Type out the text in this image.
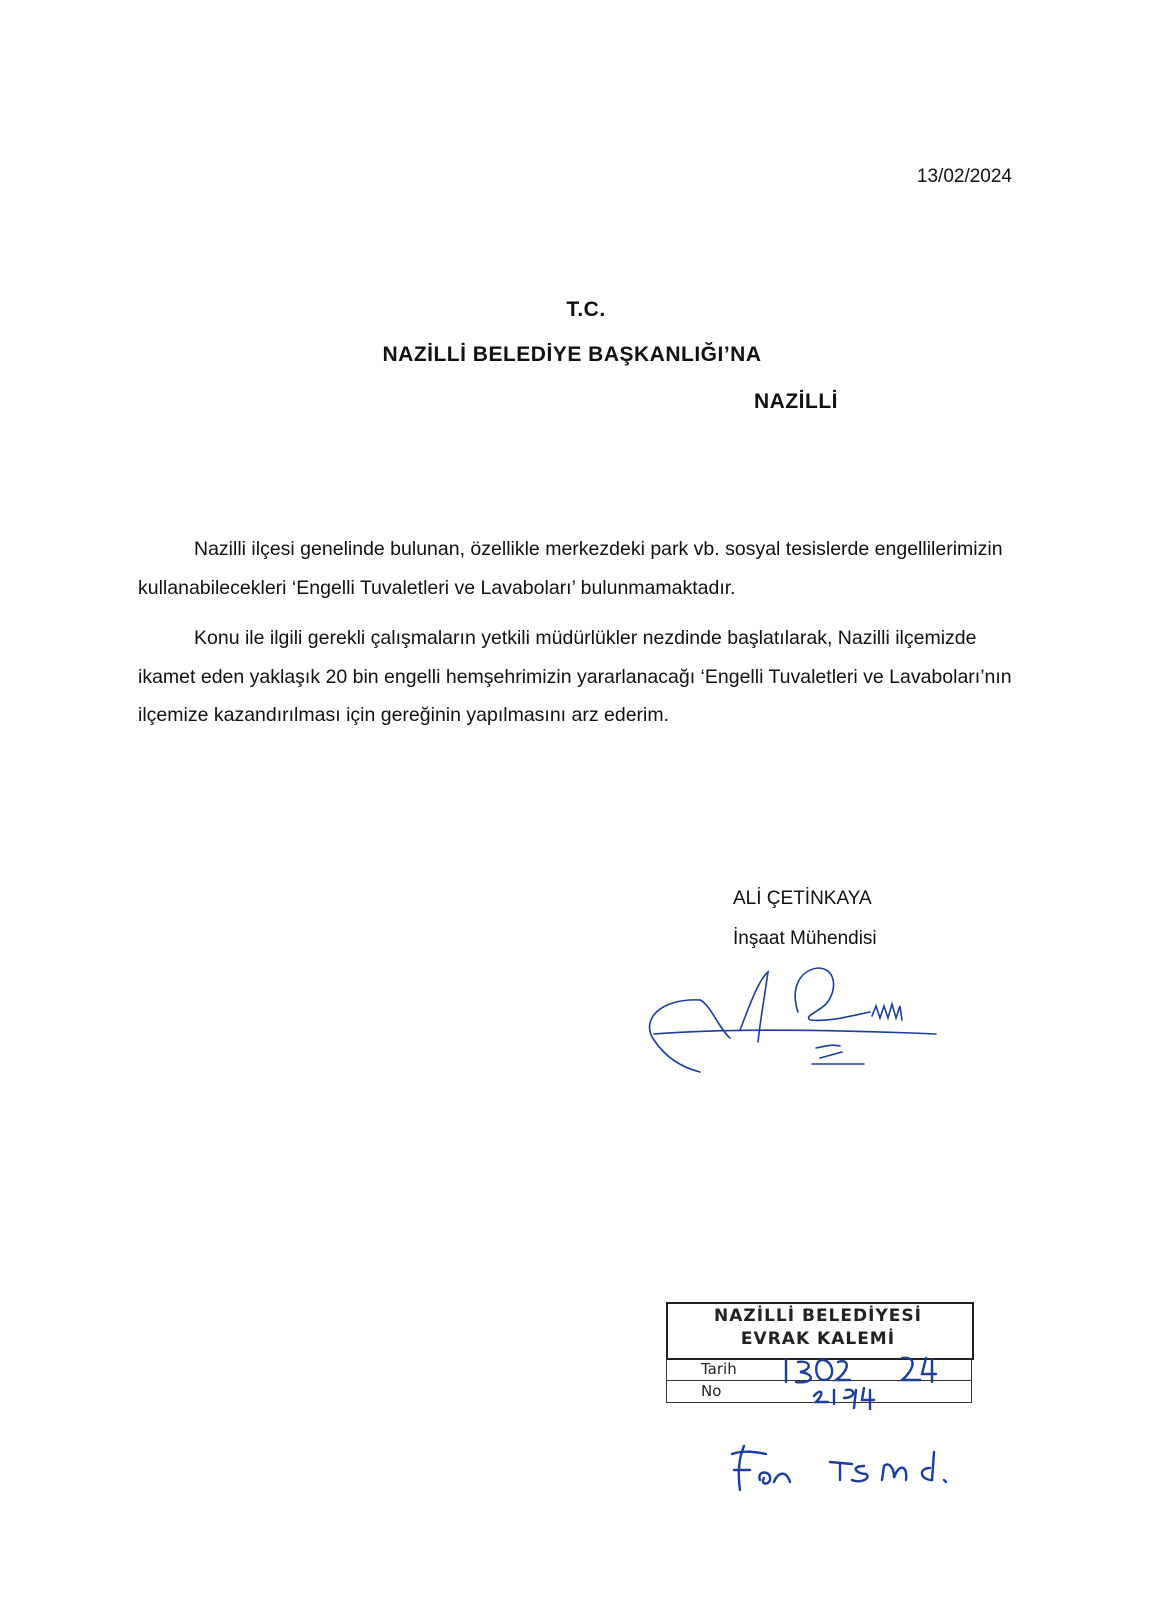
13/02/2024
T.C.
NAZİLLİ BELEDİYE BAŞKANLIĞI’NA
NAZİLLİ

Nazilli ilçesi genelinde bulunan, özellikle merkezdeki park vb. sosyal tesislerde engellilerimizin kullanabilecekleri ‘Engelli Tuvaletleri ve Lavaboları’ bulunmamaktadır.

Konu ile ilgili gerekli çalışmaların yetkili müdürlükler nezdinde başlatılarak, Nazilli ilçemizde ikamet eden yaklaşık 20 bin engelli hemşehrimizin yararlanacağı ‘Engelli Tuvaletleri ve Lavaboları’nın ilçemize kazandırılması için gereğinin yapılmasını arz ederim.

ALİ ÇETİNKAYA
İnşaat Mühendisi
NAZİLLİ BELEDİYESİ
EVRAK KALEMİ
Tarih
No
